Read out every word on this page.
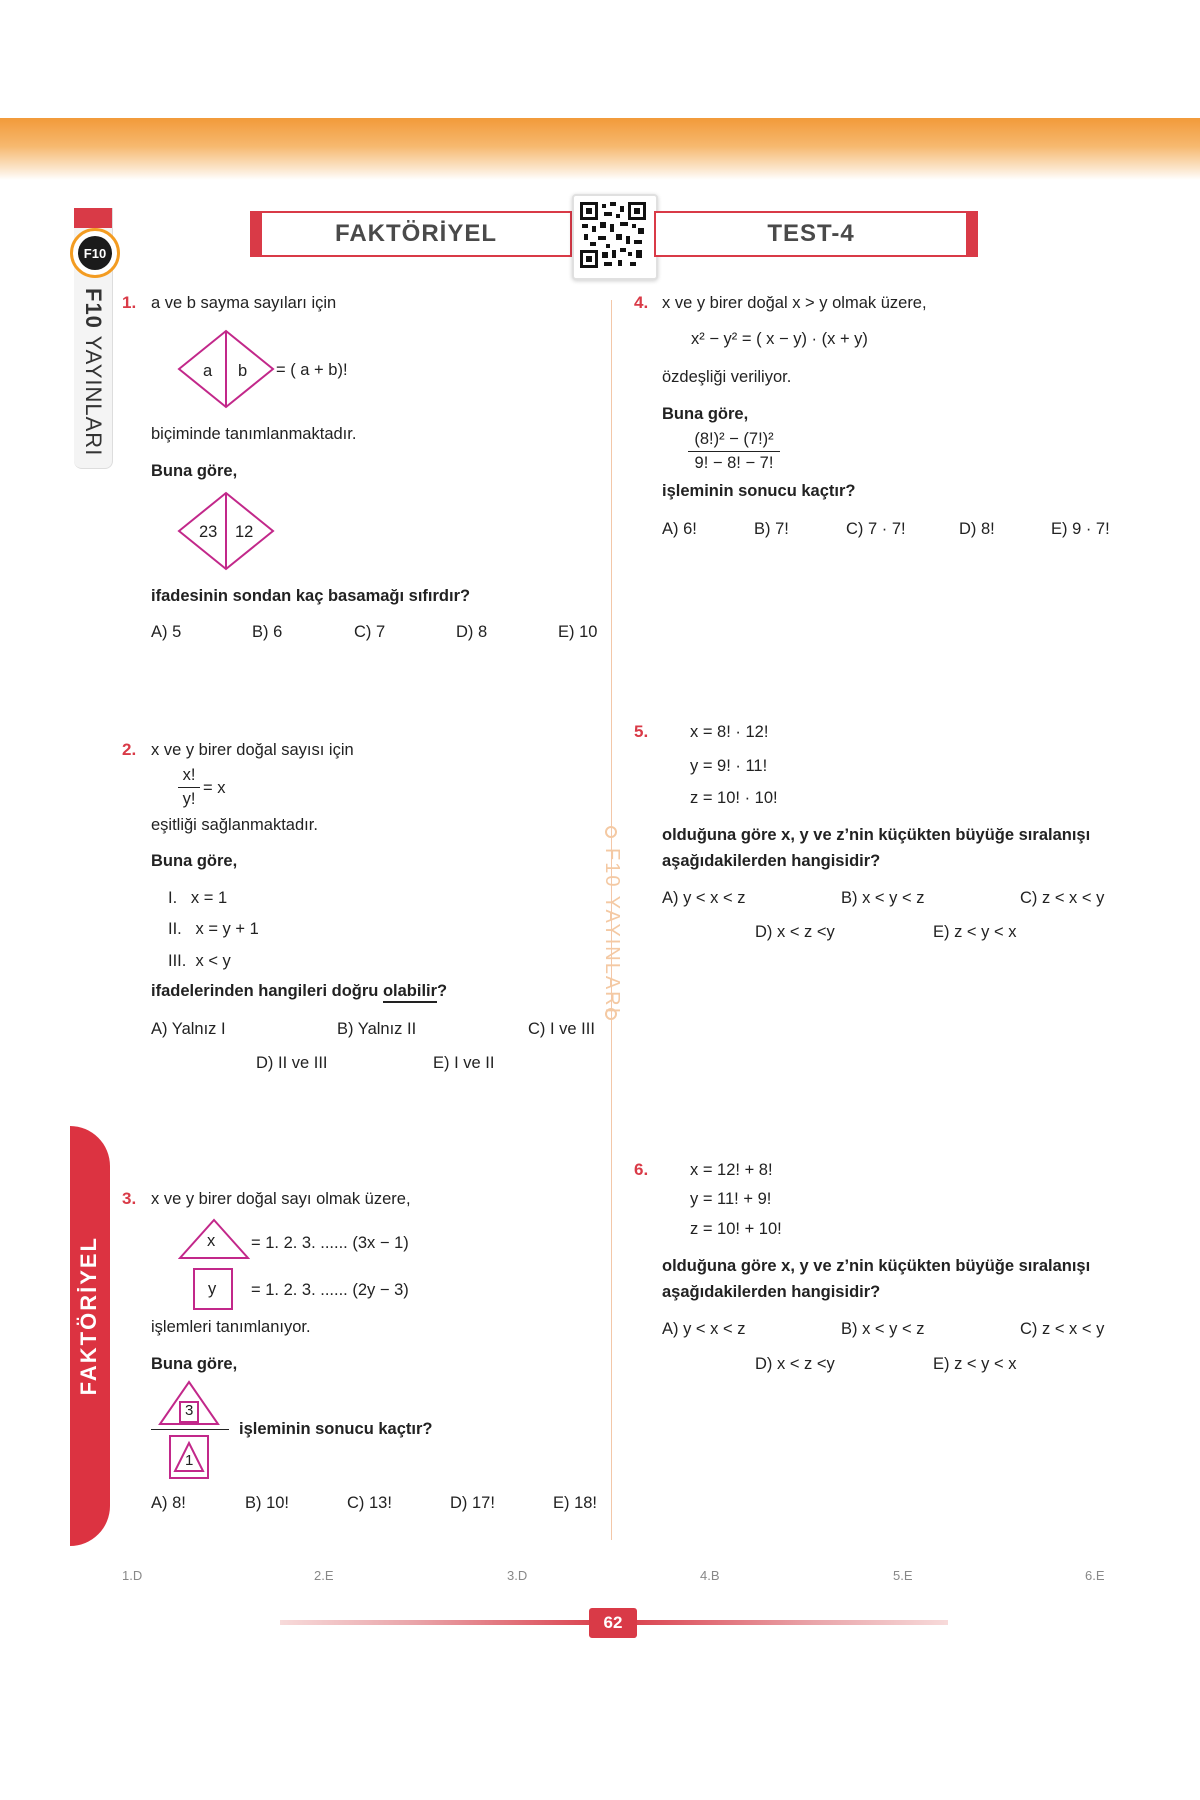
F10
F10 YAYINLARI
FAKTÖRİYEL	TEST-4
F10 YAYINLARI
FAKTÖRİYEL
1. a ve b sayma sayıları için
a b = ( a + b)!
biçiminde tanımlanmaktadır.
Buna göre,
23 12
ifadesinin sondan kaç basamağı sıfırdır?
A) 5	B) 6	C) 7	D) 8	E) 10
2. x ve y birer doğal sayısı için
x!
y!
= x
eşitliği sağlanmaktadır.
Buna göre,
I.   x = 1
II.   x = y + 1
III.  x < y
ifadelerinden hangileri doğru olabilir?
A) Yalnız I	B) Yalnız II	C) I ve III
D) II ve III	E) I ve II
3. x ve y birer doğal sayı olmak üzere,
x = 1. 2. 3. ...... (3x − 1)
y = 1. 2. 3. ...... (2y − 3)
işlemleri tanımlanıyor.
Buna göre,
3
1
işleminin sonucu kaçtır?
A) 8!	B) 10!	C) 13!	D) 17!	E) 18!
4. x ve y birer doğal x > y olmak üzere,
x² − y² = ( x − y) · (x + y)
özdeşliği veriliyor.
Buna göre,
(8!)² − (7!)²
9! − 8! − 7!
işleminin sonucu kaçtır?
A) 6!	B) 7!	C) 7 · 7!	D) 8!	E) 9 · 7!
5.	x = 8! · 12!
y = 9! · 11!
z = 10! · 10!
olduğuna göre x, y ve z’nin küçükten büyüğe sıralanışı
aşağıdakilerden hangisidir?
A) y < x < z	B) x < y < z	C) z < x < y
D) x < z <y	E) z < y < x
6.	x = 12! + 8!
y = 11! + 9!
z = 10! + 10!
olduğuna göre x, y ve z’nin küçükten büyüğe sıralanışı
aşağıdakilerden hangisidir?
A) y < x < z	B) x < y < z	C) z < x < y
D) x < z <y	E) z < y < x
1.D	2.E	3.D	4.B	5.E	6.E
62
